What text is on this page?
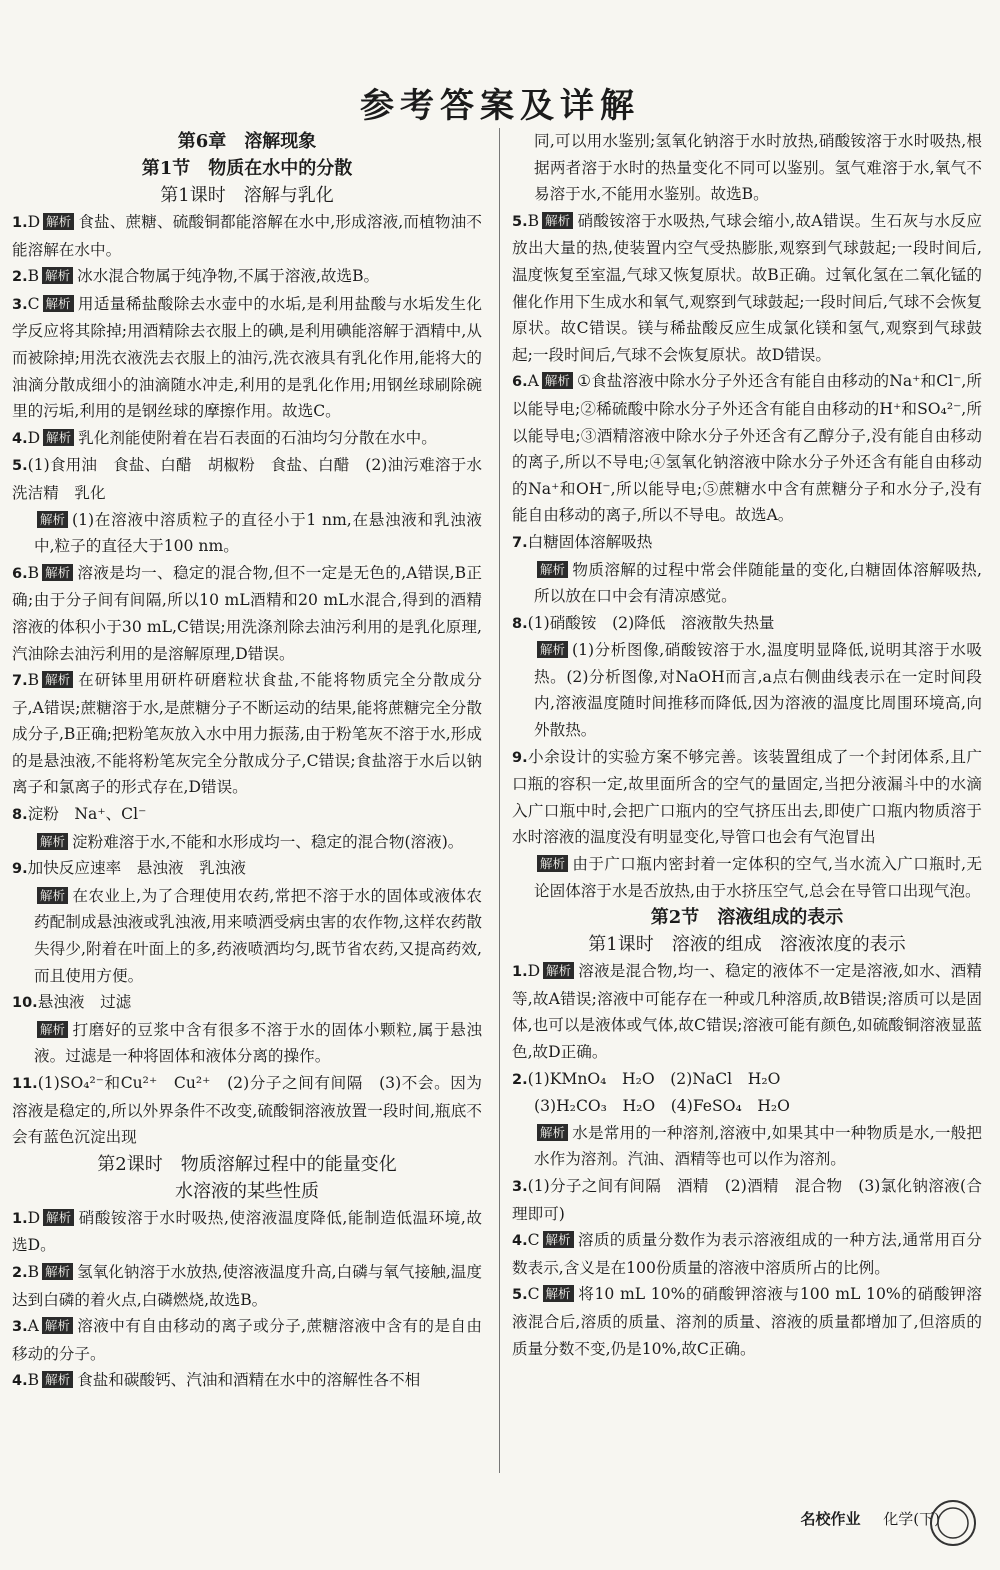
参考答案及详解
第6章　溶解现象
第1节　物质在水中的分散
第1课时　溶解与乳化

1.D 解析 食盐、蔗糖、硫酸铜都能溶解在水中,形成溶液,而植物油不能溶解在水中。

2.B 解析 冰水混合物属于纯净物,不属于溶液,故选B。

3.C 解析 用适量稀盐酸除去水壶中的水垢,是利用盐酸与水垢发生化学反应将其除掉;用酒精除去衣服上的碘,是利用碘能溶解于酒精中,从而被除掉;用洗衣液洗去衣服上的油污,洗衣液具有乳化作用,能将大的油滴分散成细小的油滴随水冲走,利用的是乳化作用;用钢丝球刷除碗里的污垢,利用的是钢丝球的摩擦作用。故选C。

4.D 解析 乳化剂能使附着在岩石表面的石油均匀分散在水中。

5.(1)食用油　食盐、白醋　胡椒粉　食盐、白醋　(2)油污难溶于水　洗洁精　乳化

解析 (1)在溶液中溶质粒子的直径小于1 nm,在悬浊液和乳浊液中,粒子的直径大于100 nm。

6.B 解析 溶液是均一、稳定的混合物,但不一定是无色的,A错误,B正确;由于分子间有间隔,所以10 mL酒精和20 mL水混合,得到的酒精溶液的体积小于30 mL,C错误;用洗涤剂除去油污利用的是乳化原理,汽油除去油污利用的是溶解原理,D错误。

7.B 解析 在研钵里用研杵研磨粒状食盐,不能将物质完全分散成分子,A错误;蔗糖溶于水,是蔗糖分子不断运动的结果,能将蔗糖完全分散成分子,B正确;把粉笔灰放入水中用力振荡,由于粉笔灰不溶于水,形成的是悬浊液,不能将粉笔灰完全分散成分子,C错误;食盐溶于水后以钠离子和氯离子的形式存在,D错误。

8.淀粉　Na⁺、Cl⁻

解析 淀粉难溶于水,不能和水形成均一、稳定的混合物(溶液)。

9.加快反应速率　悬浊液　乳浊液

解析 在农业上,为了合理使用农药,常把不溶于水的固体或液体农药配制成悬浊液或乳浊液,用来喷洒受病虫害的农作物,这样农药散失得少,附着在叶面上的多,药液喷洒均匀,既节省农药,又提高药效,而且使用方便。

10.悬浊液　过滤

解析 打磨好的豆浆中含有很多不溶于水的固体小颗粒,属于悬浊液。过滤是一种将固体和液体分离的操作。

11.(1)SO₄²⁻和Cu²⁺　Cu²⁺　(2)分子之间有间隔　(3)不会。因为溶液是稳定的,所以外界条件不改变,硫酸铜溶液放置一段时间,瓶底不会有蓝色沉淀出现

第2课时　物质溶解过程中的能量变化
水溶液的某些性质

1.D 解析 硝酸铵溶于水时吸热,使溶液温度降低,能制造低温环境,故选D。

2.B 解析 氢氧化钠溶于水放热,使溶液温度升高,白磷与氧气接触,温度达到白磷的着火点,白磷燃烧,故选B。

3.A 解析 溶液中有自由移动的离子或分子,蔗糖溶液中含有的是自由移动的分子。

4.B 解析 食盐和碳酸钙、汽油和酒精在水中的溶解性各不相

同,可以用水鉴别;氢氧化钠溶于水时放热,硝酸铵溶于水时吸热,根据两者溶于水时的热量变化不同可以鉴别。氢气难溶于水,氧气不易溶于水,不能用水鉴别。故选B。

5.B 解析 硝酸铵溶于水吸热,气球会缩小,故A错误。生石灰与水反应放出大量的热,使装置内空气受热膨胀,观察到气球鼓起;一段时间后,温度恢复至室温,气球又恢复原状。故B正确。过氧化氢在二氧化锰的催化作用下生成水和氧气,观察到气球鼓起;一段时间后,气球不会恢复原状。故C错误。镁与稀盐酸反应生成氯化镁和氢气,观察到气球鼓起;一段时间后,气球不会恢复原状。故D错误。

6.A 解析 ①食盐溶液中除水分子外还含有能自由移动的Na⁺和Cl⁻,所以能导电;②稀硫酸中除水分子外还含有能自由移动的H⁺和SO₄²⁻,所以能导电;③酒精溶液中除水分子外还含有乙醇分子,没有能自由移动的离子,所以不导电;④氢氧化钠溶液中除水分子外还含有能自由移动的Na⁺和OH⁻,所以能导电;⑤蔗糖水中含有蔗糖分子和水分子,没有能自由移动的离子,所以不导电。故选A。

7.白糖固体溶解吸热

解析 物质溶解的过程中常会伴随能量的变化,白糖固体溶解吸热,所以放在口中会有清凉感觉。

8.(1)硝酸铵　(2)降低　溶液散失热量

解析 (1)分析图像,硝酸铵溶于水,温度明显降低,说明其溶于水吸热。(2)分析图像,对NaOH而言,a点右侧曲线表示在一定时间段内,溶液温度随时间推移而降低,因为溶液的温度比周围环境高,向外散热。

9.小余设计的实验方案不够完善。该装置组成了一个封闭体系,且广口瓶的容积一定,故里面所含的空气的量固定,当把分液漏斗中的水滴入广口瓶中时,会把广口瓶内的空气挤压出去,即使广口瓶内物质溶于水时溶液的温度没有明显变化,导管口也会有气泡冒出

解析 由于广口瓶内密封着一定体积的空气,当水流入广口瓶时,无论固体溶于水是否放热,由于水挤压空气,总会在导管口出现气泡。

第2节　溶液组成的表示
第1课时　溶液的组成　溶液浓度的表示

1.D 解析 溶液是混合物,均一、稳定的液体不一定是溶液,如水、酒精等,故A错误;溶液中可能存在一种或几种溶质,故B错误;溶质可以是固体,也可以是液体或气体,故C错误;溶液可能有颜色,如硫酸铜溶液显蓝色,故D正确。

2.(1)KMnO₄　H₂O　(2)NaCl　H₂O

(3)H₂CO₃　H₂O　(4)FeSO₄　H₂O

解析 水是常用的一种溶剂,溶液中,如果其中一种物质是水,一般把水作为溶剂。汽油、酒精等也可以作为溶剂。

3.(1)分子之间有间隔　酒精　(2)酒精　混合物　(3)氯化钠溶液(合理即可)

4.C 解析 溶质的质量分数作为表示溶液组成的一种方法,通常用百分数表示,含义是在100份质量的溶液中溶质所占的比例。

5.C 解析 将10 mL 10%的硝酸钾溶液与100 mL 10%的硝酸钾溶液混合后,溶质的质量、溶剂的质量、溶液的质量都增加了,但溶质的质量分数不变,仍是10%,故C正确。

名校作业 化学(下)
